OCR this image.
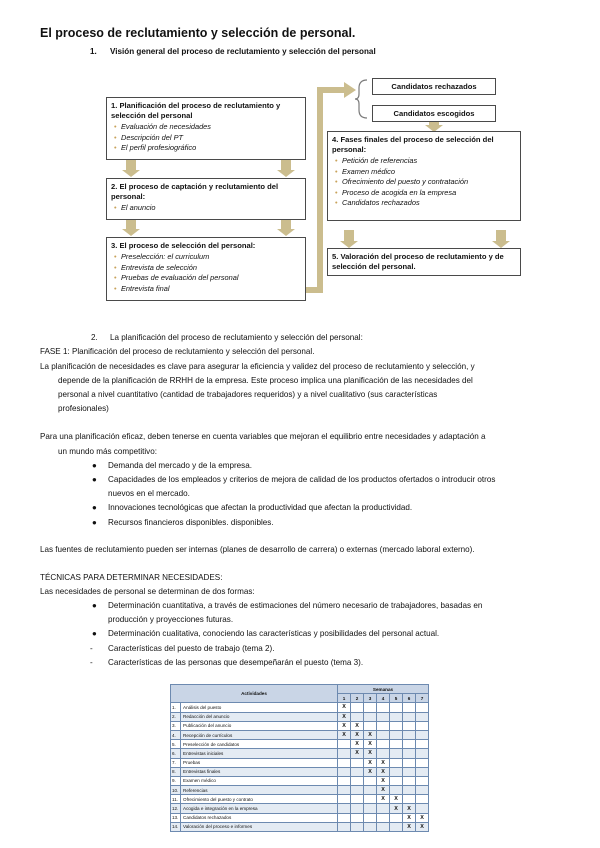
El proceso de reclutamiento y selección de personal.
1. Visión general del proceso de reclutamiento y selección del personal
1. Planificación del proceso de reclutamiento y selección del personal
• Evaluación de necesidades
• Descripción del PT
• El perfil profesiográfico
2. El proceso de captación y reclutamiento del personal:
• El anuncio
3. El proceso de selección del personal:
• Preselección: el curriculum
• Entrevista de selección
• Pruebas de evaluación del personal
• Entrevista final
Candidatos rechazados
Candidatos escogidos
4. Fases finales del proceso de selección del personal:
• Petición de referencias
• Examen médico
• Ofrecimiento del puesto y contratación
• Proceso de acogida en la empresa
• Candidatos rechazados
5. Valoración del proceso de reclutamiento y de selección del personal.
2. La planificación del proceso de reclutamiento y selección del personal:
FASE 1: Planificación del proceso de reclutamiento y selección del personal.
La planificación de necesidades es clave para asegurar la eficiencia y validez del proceso de reclutamiento y selección, y
depende de la planificación de RRHH de la empresa. Este proceso implica una planificación de las necesidades del
personal a nivel cuantitativo (cantidad de trabajadores requeridos) y a nivel cualitativo (sus características
profesionales)
Para una planificación eficaz, deben tenerse en cuenta variables que mejoran el equilibrio entre necesidades y adaptación a
un mundo más competitivo:
● Demanda del mercado y de la empresa.
● Capacidades de los empleados y criterios de mejora de calidad de los productos ofertados o introducir otros
nuevos en el mercado.
● Innovaciones tecnológicas que afectan la productividad que afectan la productividad.
● Recursos financieros disponibles. disponibles.
Las fuentes de reclutamiento pueden ser internas (planes de desarrollo de carrera) o externas (mercado laboral externo).
TÉCNICAS PARA DETERMINAR NECESIDADES:
Las necesidades de personal se determinan de dos formas:
● Determinación cuantitativa, a través de estimaciones del número necesario de trabajadores, basadas en
producción y proyecciones futuras.
● Determinación cualitativa, conociendo las características y posibilidades del personal actual.
- Características del puesto de trabajo (tema 2).
- Características de las personas que desempeñarán el puesto (tema 3).
Actividades		Semanas						
		1	2	3	4	5	6	7
1.	Análisis del puesto	X						
2.	Redacción del anuncio	X						
3.	Publicación del anuncio	X	X					
4.	Recepción de currículos	X	X	X				
5.	Preselección de candidatos		X	X				
6.	Entrevistas iniciales		X	X				
7.	Pruebas			X	X			
8.	Entrevistas finales			X	X			
9.	Examen médico				X			
10.	Referencias				X			
11.	Ofrecimiento del puesto y contrato				X	X		
12.	Acogida e integración en la empresa					X	X	
13.	Candidatos rechazados						X	X
14.	Valoración del proceso e informes						X	X
